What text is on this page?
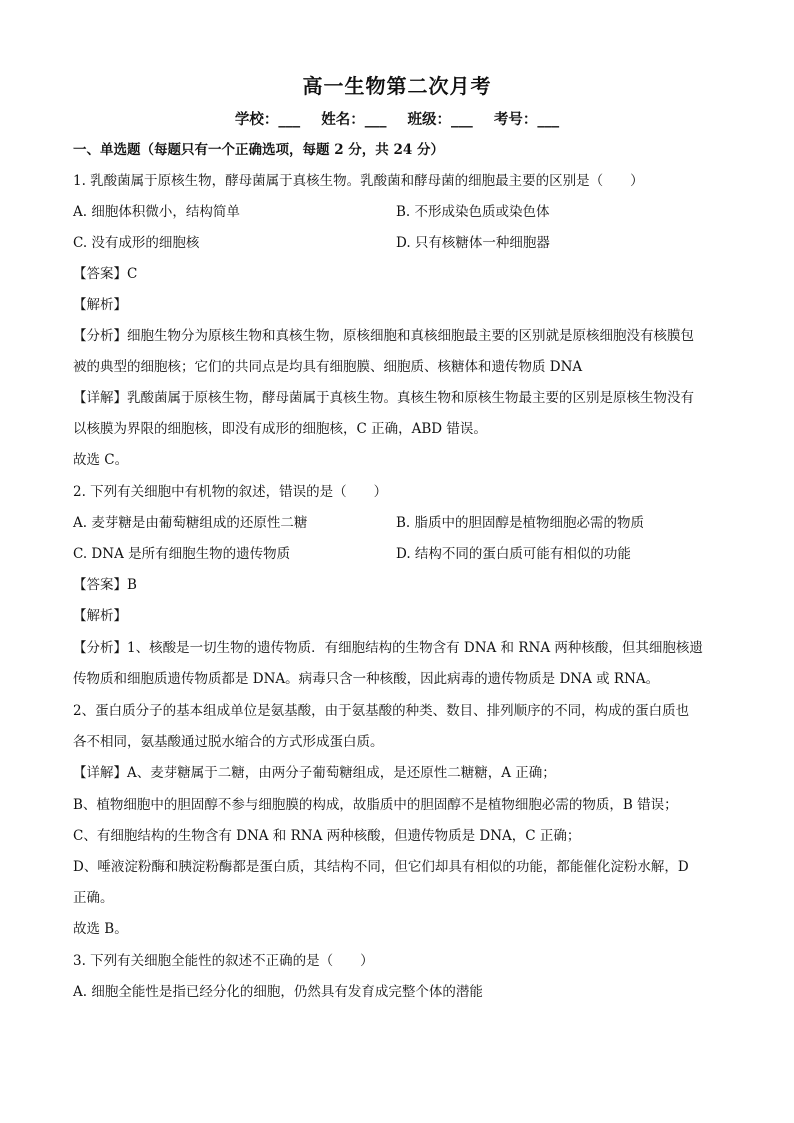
高一生物第二次月考
学校：___ 姓名：___ 班级：___ 考号：___
一、单选题（每题只有一个正确选项，每题 2 分，共 24 分）
1. 乳酸菌属于原核生物，酵母菌属于真核生物。乳酸菌和酵母菌的细胞最主要的区别是（　　）
A. 细胞体积微小，结构简单	B. 不形成染色质或染色体
C. 没有成形的细胞核	D. 只有核糖体一种细胞器
【答案】C
【解析】
【分析】细胞生物分为原核生物和真核生物，原核细胞和真核细胞最主要的区别就是原核细胞没有核膜包
被的典型的细胞核；它们的共同点是均具有细胞膜、细胞质、核糖体和遗传物质 DNA
【详解】乳酸菌属于原核生物，酵母菌属于真核生物。真核生物和原核生物最主要的区别是原核生物没有
以核膜为界限的细胞核，即没有成形的细胞核，C 正确，ABD 错误。
故选 C。
2. 下列有关细胞中有机物的叙述，错误的是（　　）
A. 麦芽糖是由葡萄糖组成的还原性二糖	B. 脂质中的胆固醇是植物细胞必需的物质
C. DNA 是所有细胞生物的遗传物质	D. 结构不同的蛋白质可能有相似的功能
【答案】B
【解析】
【分析】1、核酸是一切生物的遗传物质．有细胞结构的生物含有 DNA 和 RNA 两种核酸，但其细胞核遗
传物质和细胞质遗传物质都是 DNA。病毒只含一种核酸，因此病毒的遗传物质是 DNA 或 RNA。
2、蛋白质分子的基本组成单位是氨基酸，由于氨基酸的种类、数目、排列顺序的不同，构成的蛋白质也
各不相同，氨基酸通过脱水缩合的方式形成蛋白质。
【详解】A、麦芽糖属于二糖，由两分子葡萄糖组成，是还原性二糖糖，A 正确；
B、植物细胞中的胆固醇不参与细胞膜的构成，故脂质中的胆固醇不是植物细胞必需的物质，B 错误；
C、有细胞结构的生物含有 DNA 和 RNA 两种核酸，但遗传物质是 DNA，C 正确；
D、唾液淀粉酶和胰淀粉酶都是蛋白质，其结构不同，但它们却具有相似的功能，都能催化淀粉水解，D
正确。
故选 B。
3. 下列有关细胞全能性的叙述不正确的是（　　）
A. 细胞全能性是指已经分化的细胞，仍然具有发育成完整个体的潜能
